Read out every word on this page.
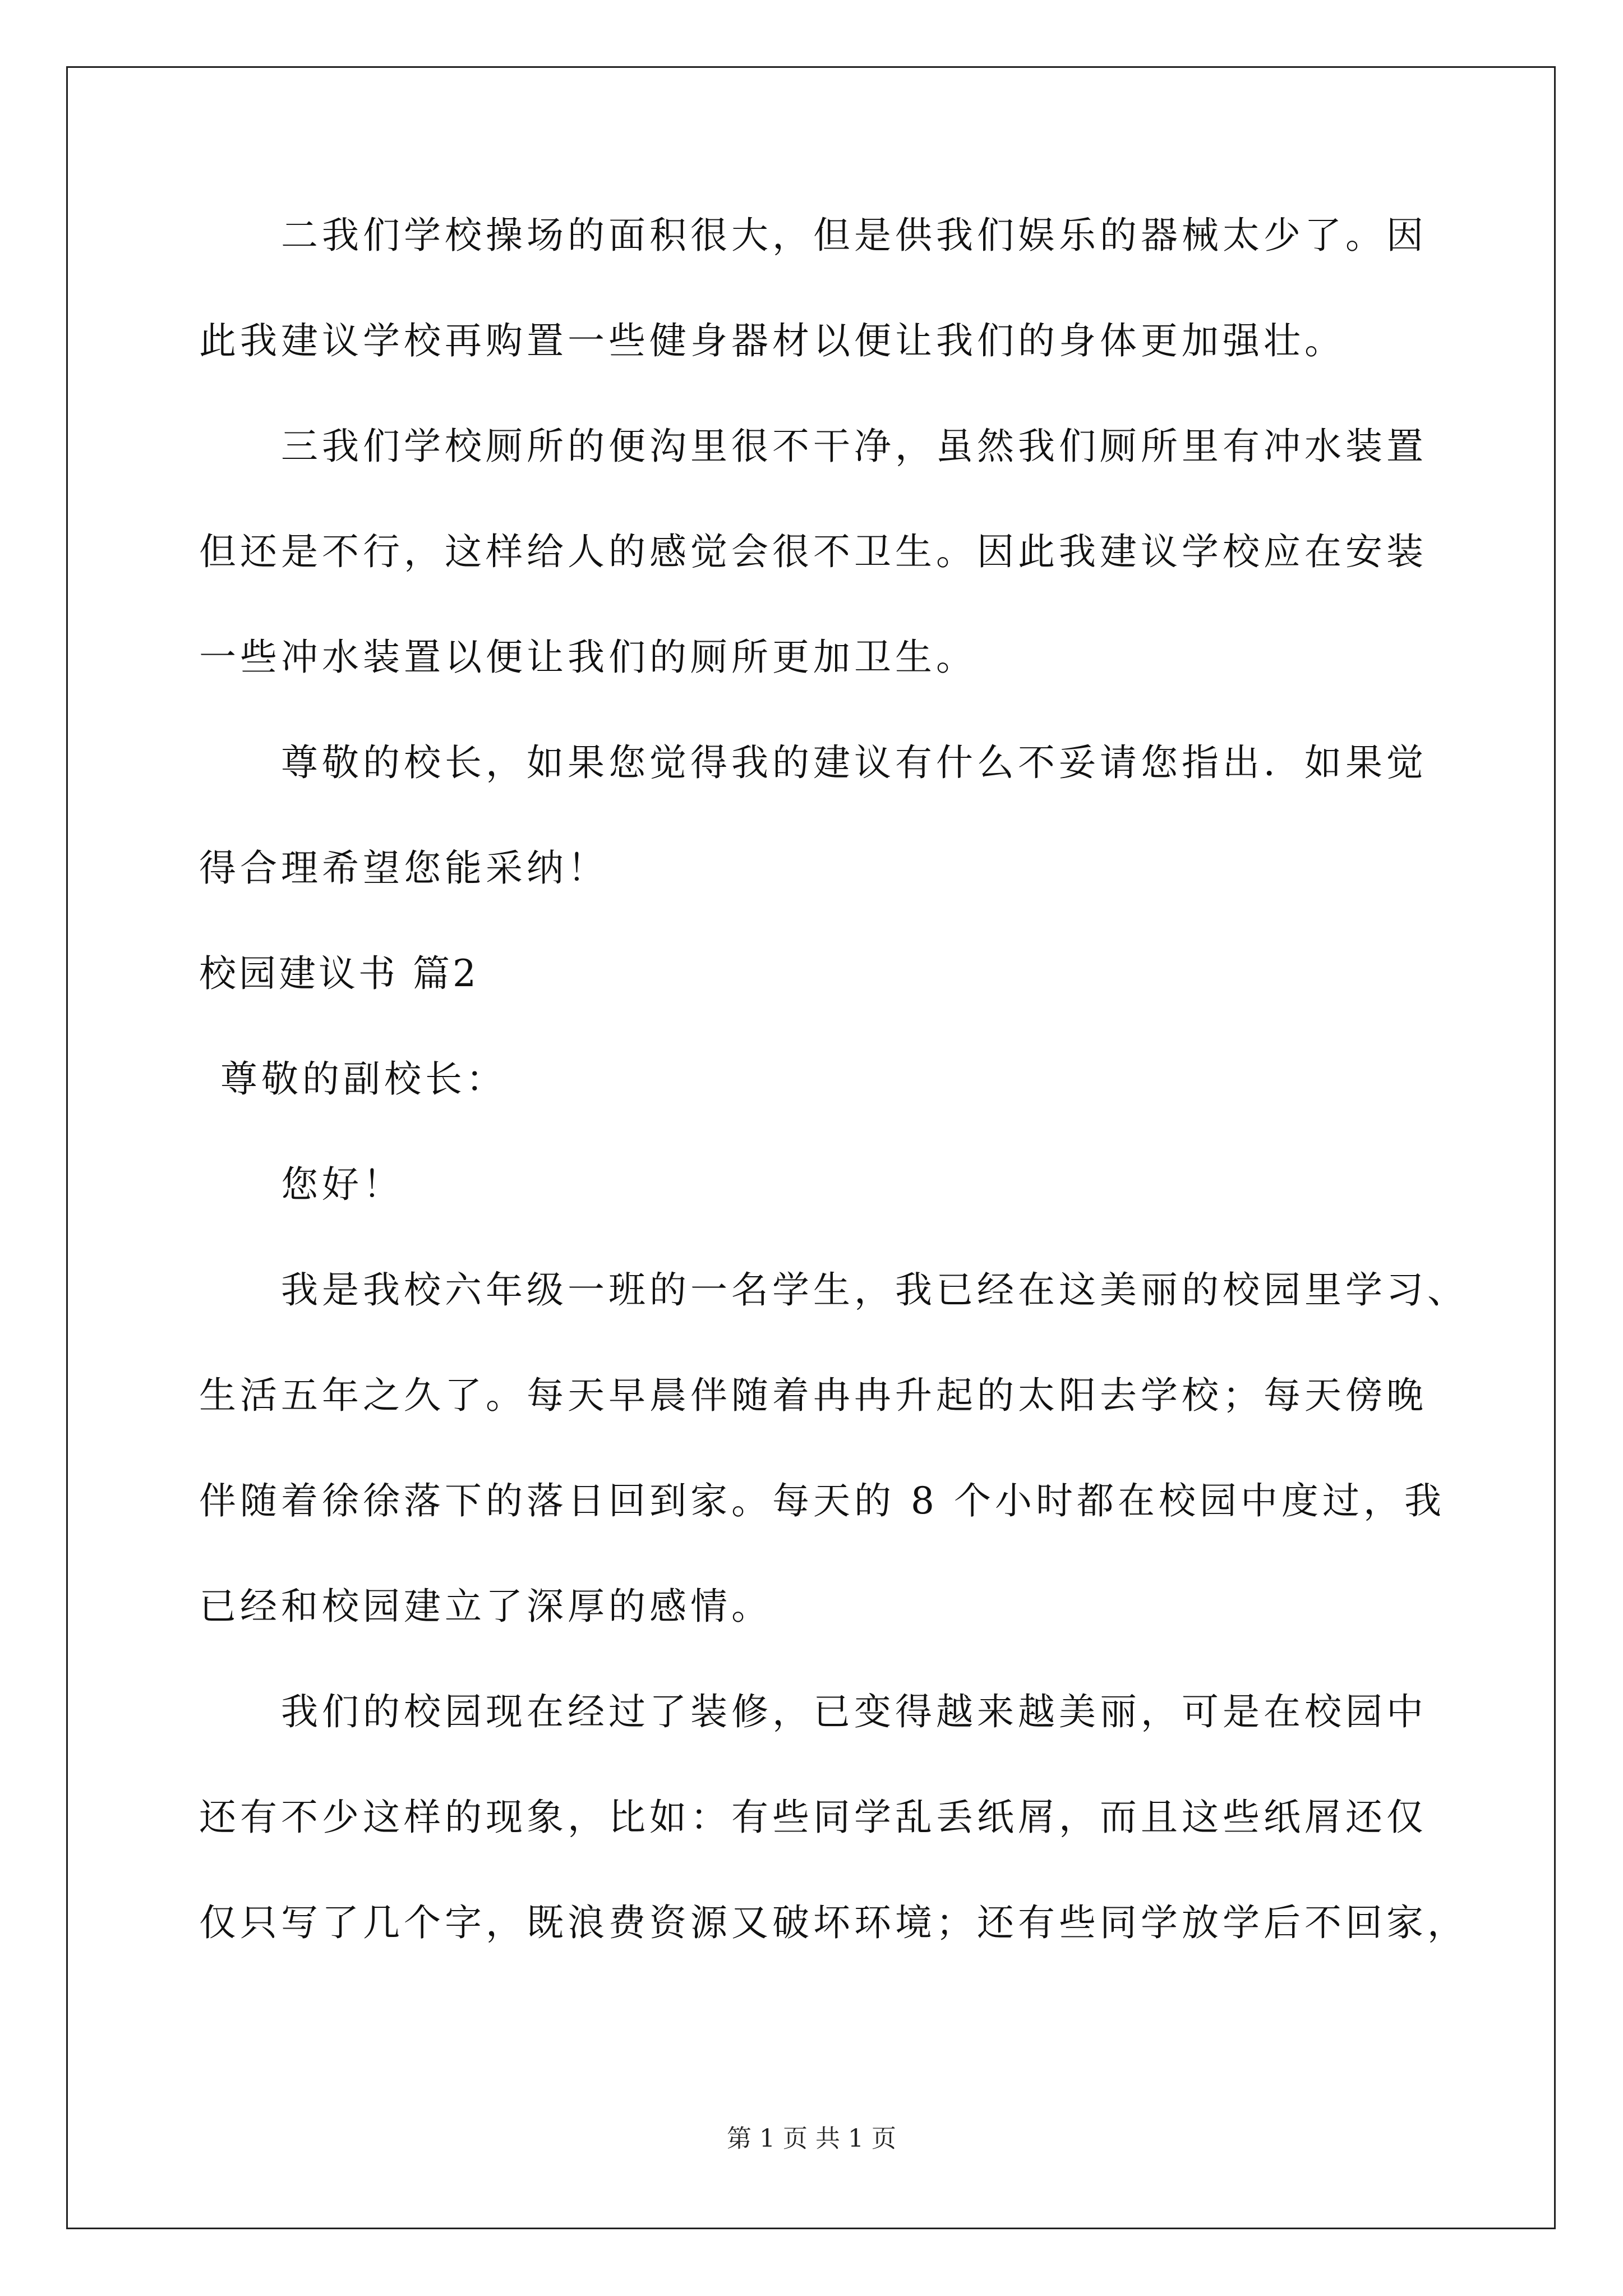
二我们学校操场的面积很大，但是供我们娱乐的器械太少了。因
此我建议学校再购置一些健身器材以便让我们的身体更加强壮。
三我们学校厕所的便沟里很不干净，虽然我们厕所里有冲水装置
但还是不行，这样给人的感觉会很不卫生。因此我建议学校应在安装
一些冲水装置以便让我们的厕所更加卫生。
尊敬的校长，如果您觉得我的建议有什么不妥请您指出．如果觉
得合理希望您能采纳！
校园建议书 篇2
尊敬的副校长：
您好！
我是我校六年级一班的一名学生，我已经在这美丽的校园里学习、
生活五年之久了。每天早晨伴随着冉冉升起的太阳去学校；每天傍晚
伴随着徐徐落下的落日回到家。每天的 8 个小时都在校园中度过，我
已经和校园建立了深厚的感情。
我们的校园现在经过了装修，已变得越来越美丽，可是在校园中
还有不少这样的现象，比如：有些同学乱丢纸屑，而且这些纸屑还仅
仅只写了几个字，既浪费资源又破坏环境；还有些同学放学后不回家，
第 1 页 共 1 页
